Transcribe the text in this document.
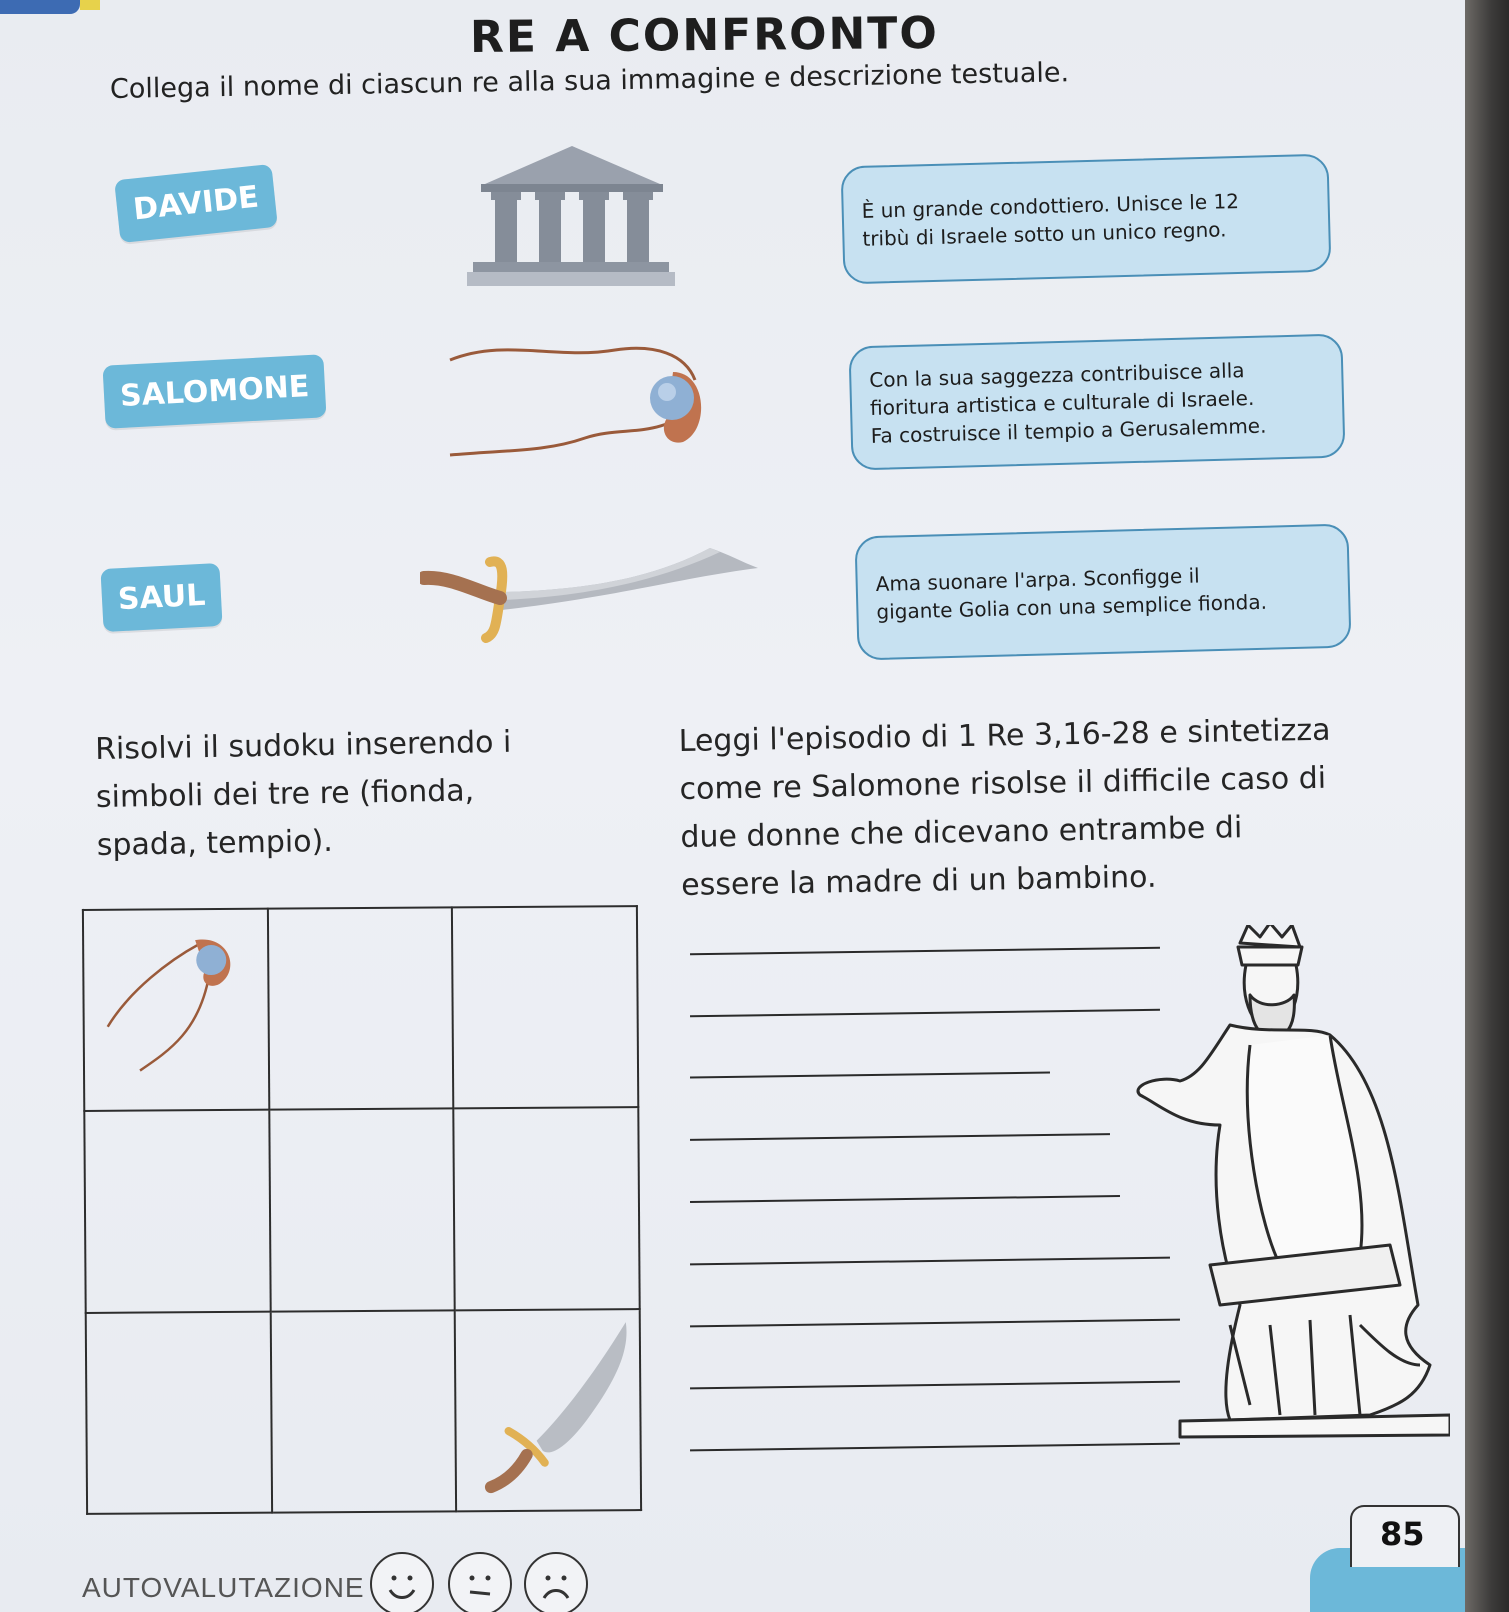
RE A CONFRONTO
Collega il nome di ciascun re alla sua immagine e descrizione testuale.
DAVIDE
SALOMONE
SAUL
È un grande condottiero. Unisce le 12
tribù di Israele sotto un unico regno.
Con la sua saggezza contribuisce alla
fioritura artistica e culturale di Israele.
Fa costruisce il tempio a Gerusalemme.
Ama suonare l'arpa. Sconfigge il
gigante Golia con una semplice fionda.
Risolvi il sudoku inserendo i
simboli dei tre re (fionda,
spada, tempio).
Leggi l'episodio di 1 Re 3,16-28 e sintetizza
come re Salomone risolse il difficile caso di
due donne che dicevano entrambe di
essere la madre di un bambino.

85
AUTOVALUTAZIONE
